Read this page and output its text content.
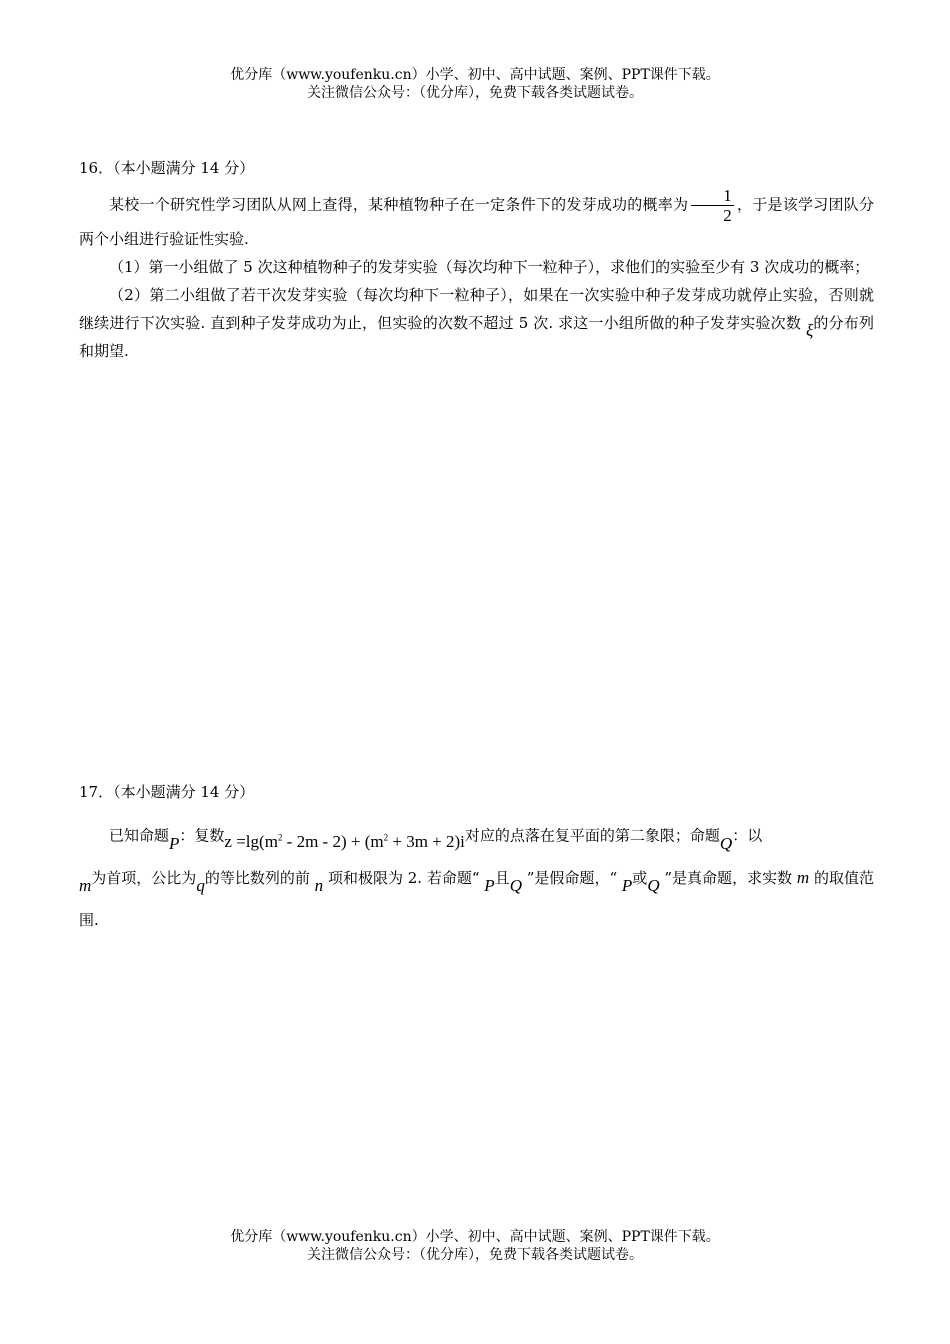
优分库（www.youfenku.cn）小学、初中、高中试题、案例、PPT课件下载。
关注微信公众号：（优分库），免费下载各类试题试卷。

16．（本小题满分 14 分）

某校一个研究性学习团队从网上查得，某种植物种子在一定条件下的发芽成功的概率为 $\frac{1}{2}$ ，于是该学习团队分两个小组进行验证性实验.

（1）第一小组做了 5 次这种植物种子的发芽实验（每次均种下一粒种子），求他们的实验至少有 3 次成功的概率；

（2）第二小组做了若干次发芽实验（每次均种下一粒种子），如果在一次实验中种子发芽成功就停止实验，否则就继续进行下次实验. 直到种子发芽成功为止，但实验的次数不超过 5 次. 求这一小组所做的种子发芽实验次数 ξ的分布列和期望.

17．（本小题满分 14 分）

已知命题P：复数$z =\lg(m^2 - 2m - 2) + (m^2 + 3m + 2)i$对应的点落在复平面的第二象限；命题Q：以
m为首项，公比为q的等比数列的前 n 项和极限为 2. 若命题“ P且Q ”是假命题，“ P或Q ”是真命题，求实数 m 的取值范围.

优分库（www.youfenku.cn）小学、初中、高中试题、案例、PPT课件下载。
关注微信公众号：（优分库），免费下载各类试题试卷。
